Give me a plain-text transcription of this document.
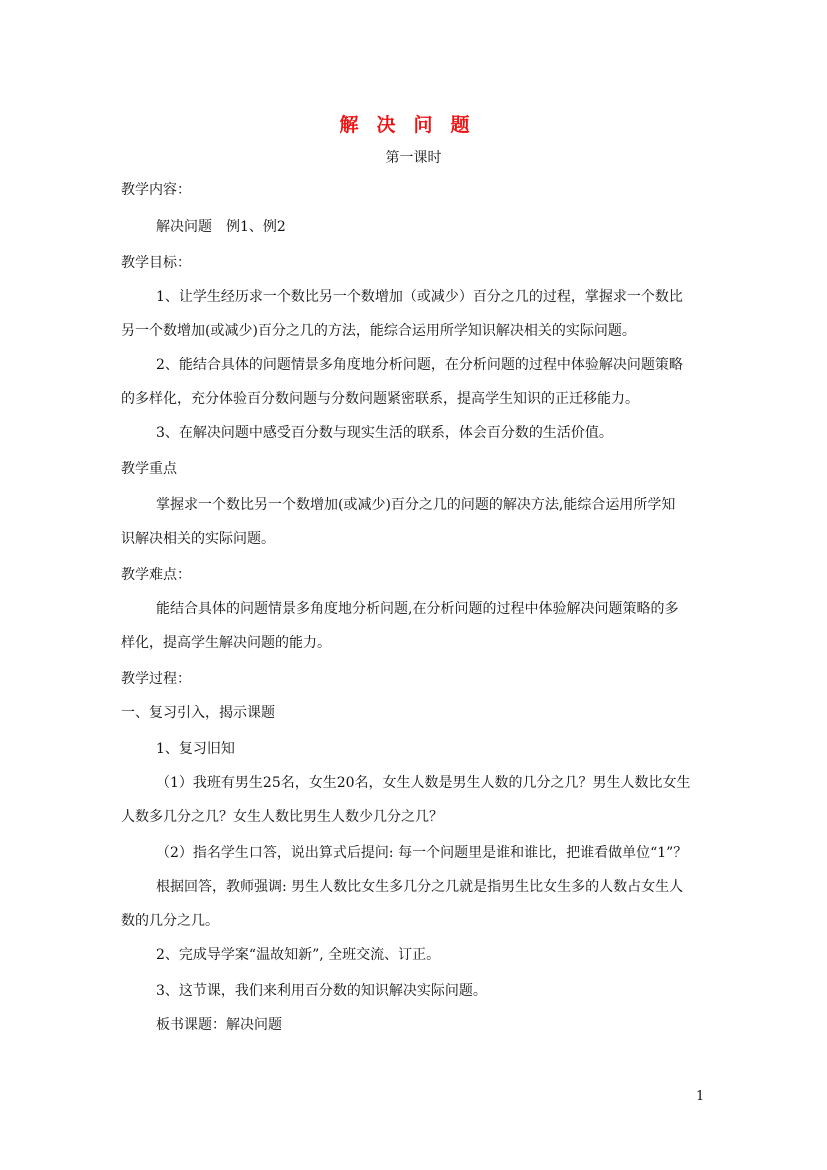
解决问题
第一课时
教学内容：
解决问题　例1、例2
教学目标：
1、让学生经历求一个数比另一个数增加（或减少）百分之几的过程，掌握求一个数比
另一个数增加(或减少)百分之几的方法，能综合运用所学知识解决相关的实际问题。
2、能结合具体的问题情景多角度地分析问题，在分析问题的过程中体验解决问题策略
的多样化，充分体验百分数问题与分数问题紧密联系，提高学生知识的正迁移能力。
3、在解决问题中感受百分数与现实生活的联系，体会百分数的生活价值。
教学重点
掌握求一个数比另一个数增加(或减少)百分之几的问题的解决方法,能综合运用所学知
识解决相关的实际问题。
教学难点：
能结合具体的问题情景多角度地分析问题,在分析问题的过程中体验解决问题策略的多
样化，提高学生解决问题的能力。
教学过程：
一、复习引入，揭示课题
1、复习旧知
（1）我班有男生25名，女生20名，女生人数是男生人数的几分之几？男生人数比女生
人数多几分之几？女生人数比男生人数少几分之几？
（2）指名学生口答，说出算式后提问: 每一个问题里是谁和谁比，把谁看做单位“1”？
根据回答，教师强调: 男生人数比女生多几分之几就是指男生比女生多的人数占女生人
数的几分之几。
2、完成导学案“温故知新”, 全班交流、订正。
3、这节课，我们来利用百分数的知识解决实际问题。
板书课题：解决问题
1
